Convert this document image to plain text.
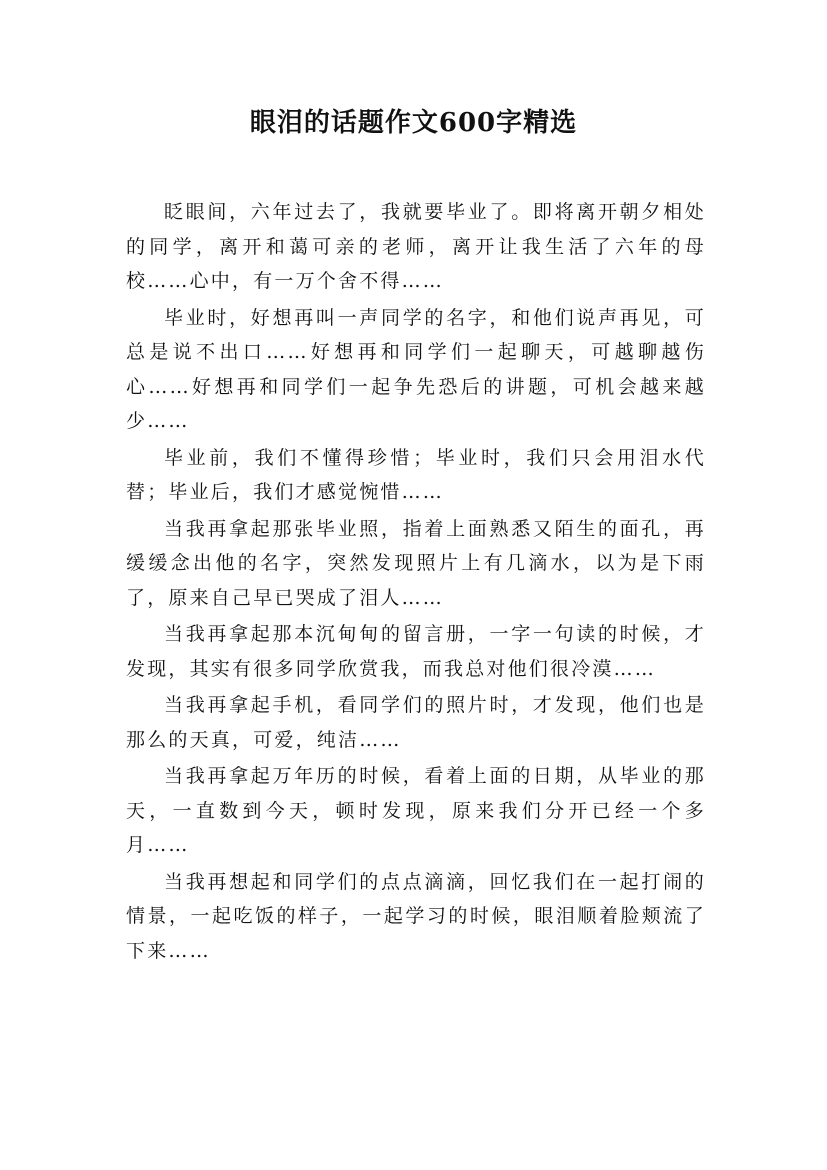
眼泪的话题作文600字精选

眨眼间，六年过去了，我就要毕业了。即将离开朝夕相处的同学，离开和蔼可亲的老师，离开让我生活了六年的母校……心中，有一万个舍不得……

毕业时，好想再叫一声同学的名字，和他们说声再见，可总是说不出口……好想再和同学们一起聊天，可越聊越伤心……好想再和同学们一起争先恐后的讲题，可机会越来越少……

毕业前，我们不懂得珍惜；毕业时，我们只会用泪水代替；毕业后，我们才感觉惋惜……

当我再拿起那张毕业照，指着上面熟悉又陌生的面孔，再缓缓念出他的名字，突然发现照片上有几滴水，以为是下雨了，原来自己早已哭成了泪人……

当我再拿起那本沉甸甸的留言册，一字一句读的时候，才发现，其实有很多同学欣赏我，而我总对他们很冷漠……

当我再拿起手机，看同学们的照片时，才发现，他们也是那么的天真，可爱，纯洁……

当我再拿起万年历的时候，看着上面的日期，从毕业的那天，一直数到今天，顿时发现，原来我们分开已经一个多月……

当我再想起和同学们的点点滴滴，回忆我们在一起打闹的情景，一起吃饭的样子，一起学习的时候，眼泪顺着脸颊流了下来……
